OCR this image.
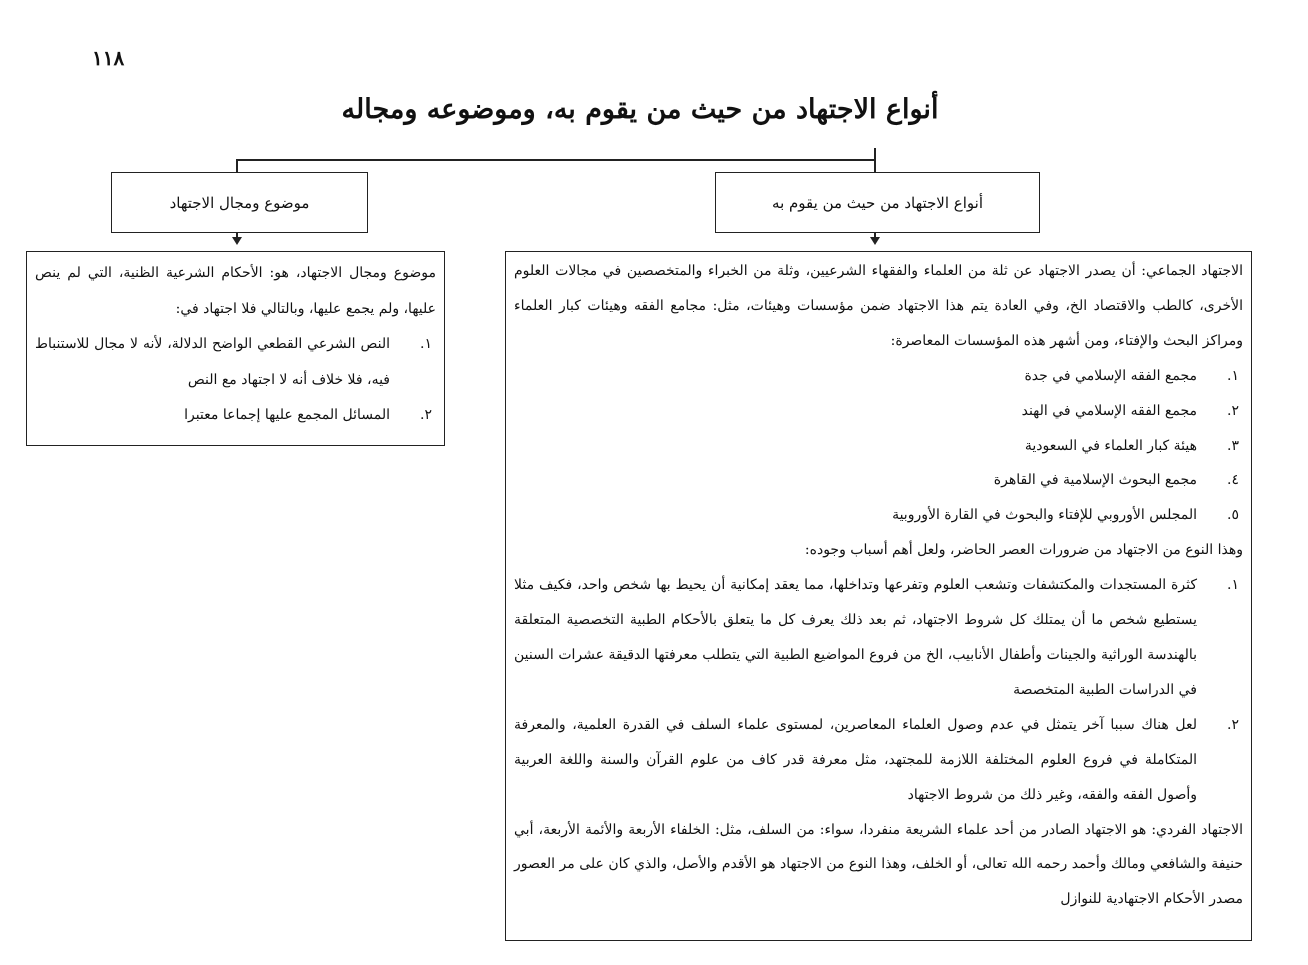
١١٨
أنواع الاجتهاد من حيث من يقوم به، وموضوعه ومجاله
موضوع ومجال الاجتهاد	أنواع الاجتهاد من حيث من يقوم به

موضوع ومجال الاجتهاد، هو: الأحكام الشرعية الظنية، التي لم ينص عليها، ولم يجمع عليها، وبالتالي فلا اجتهاد في:

١.
النص الشرعي القطعي الواضح الدلالة، لأنه لا مجال للاستنباط فيه، فلا خلاف أنه لا اجتهاد مع النص
٢.
المسائل المجمع عليها إجماعا معتبرا

الاجتهاد الجماعي: أن يصدر الاجتهاد عن ثلة من العلماء والفقهاء الشرعيين، وثلة من الخبراء والمتخصصين في مجالات العلوم الأخرى، كالطب والاقتصاد الخ، وفي العادة يتم هذا الاجتهاد ضمن مؤسسات وهيئات، مثل: مجامع الفقه وهيئات كبار العلماء ومراكز البحث والإفتاء، ومن أشهر هذه المؤسسات المعاصرة:

١.
مجمع الفقه الإسلامي في جدة
٢.
مجمع الفقه الإسلامي في الهند
٣.
هيئة كبار العلماء في السعودية
٤.
مجمع البحوث الإسلامية في القاهرة
٥.
المجلس الأوروبي للإفتاء والبحوث في القارة الأوروبية

وهذا النوع من الاجتهاد من ضرورات العصر الحاضر، ولعل أهم أسباب وجوده:

١.
كثرة المستجدات والمكتشفات وتشعب العلوم وتفرعها وتداخلها، مما يعقد إمكانية أن يحيط بها شخص واحد، فكيف مثلا يستطيع شخص ما أن يمتلك كل شروط الاجتهاد، ثم بعد ذلك يعرف كل ما يتعلق بالأحكام الطبية التخصصية المتعلقة بالهندسة الوراثية والجينات وأطفال الأنابيب، الخ من فروع المواضيع الطبية التي يتطلب معرفتها الدقيقة عشرات السنين في الدراسات الطبية المتخصصة
٢.
لعل هناك سببا آخر يتمثل في عدم وصول العلماء المعاصرين، لمستوى علماء السلف في القدرة العلمية، والمعرفة المتكاملة في فروع العلوم المختلفة اللازمة للمجتهد، مثل معرفة قدر كاف من علوم القرآن والسنة واللغة العربية وأصول الفقه والفقه، وغير ذلك من شروط الاجتهاد

الاجتهاد الفردي: هو الاجتهاد الصادر من أحد علماء الشريعة منفردا، سواء: من السلف، مثل: الخلفاء الأربعة والأئمة الأربعة، أبي حنيفة والشافعي ومالك وأحمد رحمه الله تعالى، أو الخلف، وهذا النوع من الاجتهاد هو الأقدم والأصل، والذي كان على مر العصور مصدر الأحكام الاجتهادية للنوازل
